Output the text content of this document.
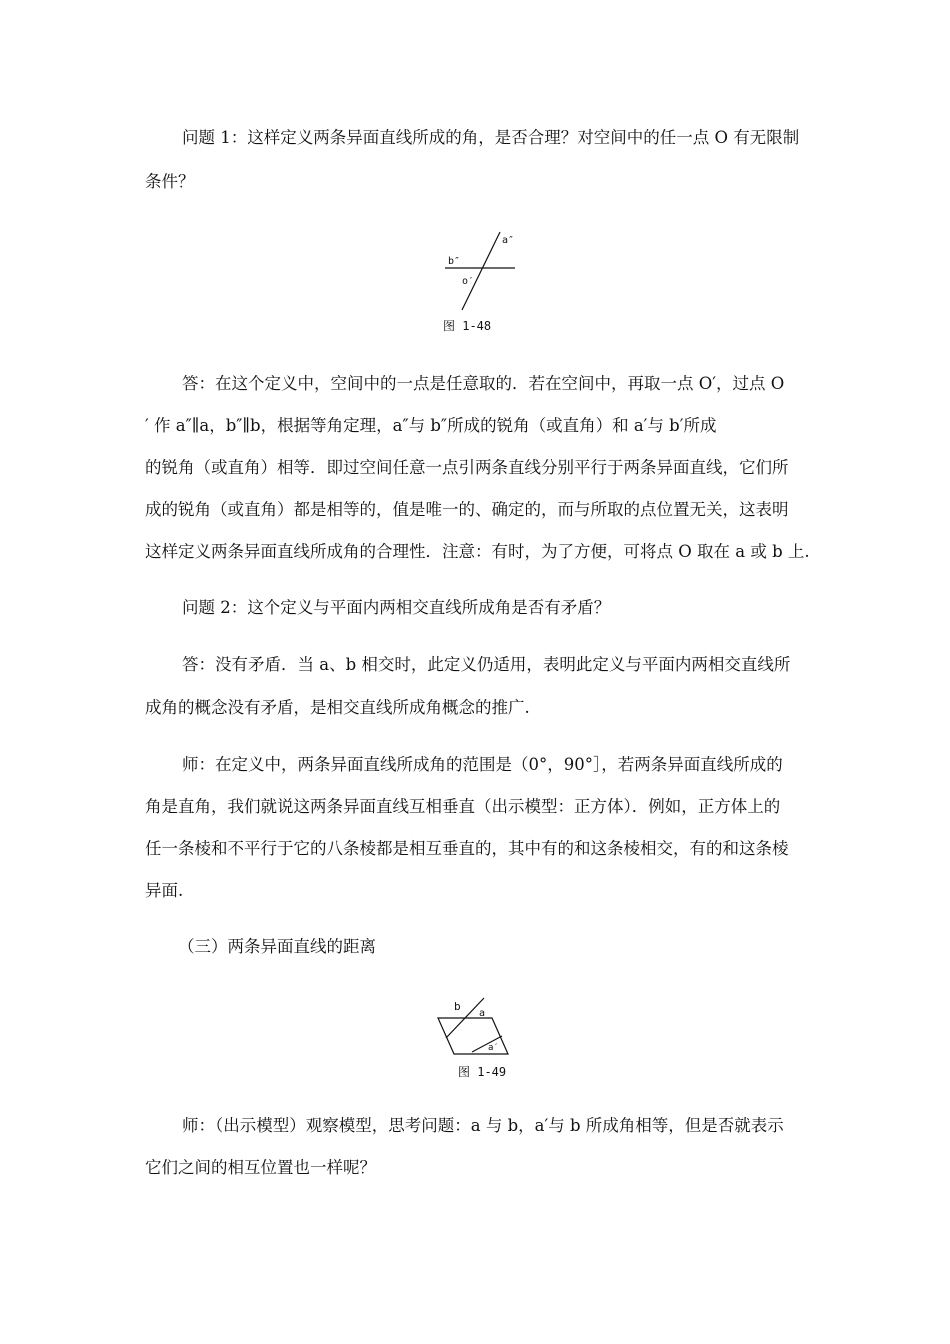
问题 1：这样定义两条异面直线所成的角，是否合理？对空间中的任一点 O 有无限制
条件？
a″
b″
o′
图 1-48
答：在这个定义中，空间中的一点是任意取的．若在空间中，再取一点 O′，过点 O
′ 作 a″∥a，b″∥b，根据等角定理，a″与 b″所成的锐角（或直角）和 a′与 b′所成
的锐角（或直角）相等．即过空间任意一点引两条直线分别平行于两条异面直线，它们所
成的锐角（或直角）都是相等的，值是唯一的、确定的，而与所取的点位置无关，这表明
这样定义两条异面直线所成角的合理性．注意：有时，为了方便，可将点 O 取在 a 或 b 上.
问题 2：这个定义与平面内两相交直线所成角是否有矛盾？
答：没有矛盾．当 a、b 相交时，此定义仍适用，表明此定义与平面内两相交直线所
成角的概念没有矛盾，是相交直线所成角概念的推广.
师：在定义中，两条异面直线所成角的范围是（0°，90°］，若两条异面直线所成的
角是直角，我们就说这两条异面直线互相垂直（出示模型：正方体）．例如，正方体上的
任一条棱和不平行于它的八条棱都是相互垂直的，其中有的和这条棱相交，有的和这条棱
异面.
（三）两条异面直线的距离
b
a
a′
图 1-49
师：（出示模型）观察模型，思考问题：a 与 b，a′与 b 所成角相等，但是否就表示
它们之间的相互位置也一样呢？
